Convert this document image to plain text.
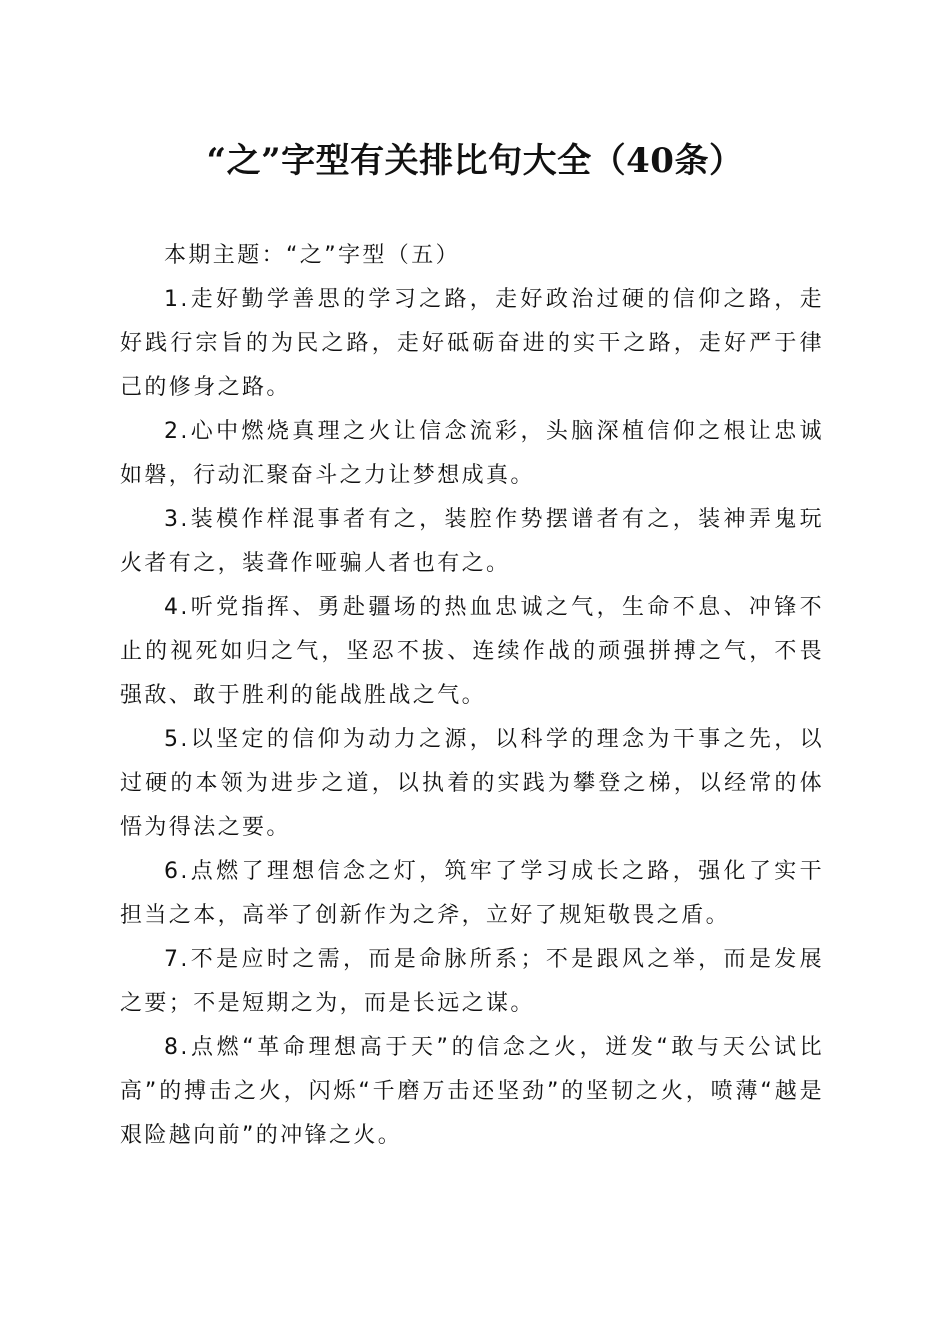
“之”字型有关排比句大全（40条）

本期主题：“之”字型（五）

1.走好勤学善思的学习之路，走好政治过硬的信仰之路，走好践行宗旨的为民之路，走好砥砺奋进的实干之路，走好严于律己的修身之路。

2.心中燃烧真理之火让信念流彩，头脑深植信仰之根让忠诚如磐，行动汇聚奋斗之力让梦想成真。

3.装模作样混事者有之，装腔作势摆谱者有之，装神弄鬼玩火者有之，装聋作哑骗人者也有之。

4.听党指挥、勇赴疆场的热血忠诚之气，生命不息、冲锋不止的视死如归之气，坚忍不拔、连续作战的顽强拼搏之气，不畏强敌、敢于胜利的能战胜战之气。

5.以坚定的信仰为动力之源，以科学的理念为干事之先，以过硬的本领为进步之道，以执着的实践为攀登之梯，以经常的体悟为得法之要。

6.点燃了理想信念之灯，筑牢了学习成长之路，强化了实干担当之本，高举了创新作为之斧，立好了规矩敬畏之盾。

7.不是应时之需，而是命脉所系；不是跟风之举，而是发展之要；不是短期之为，而是长远之谋。

8.点燃“革命理想高于天”的信念之火，迸发“敢与天公试比高”的搏击之火，闪烁“千磨万击还坚劲”的坚韧之火，喷薄“越是艰险越向前”的冲锋之火。
